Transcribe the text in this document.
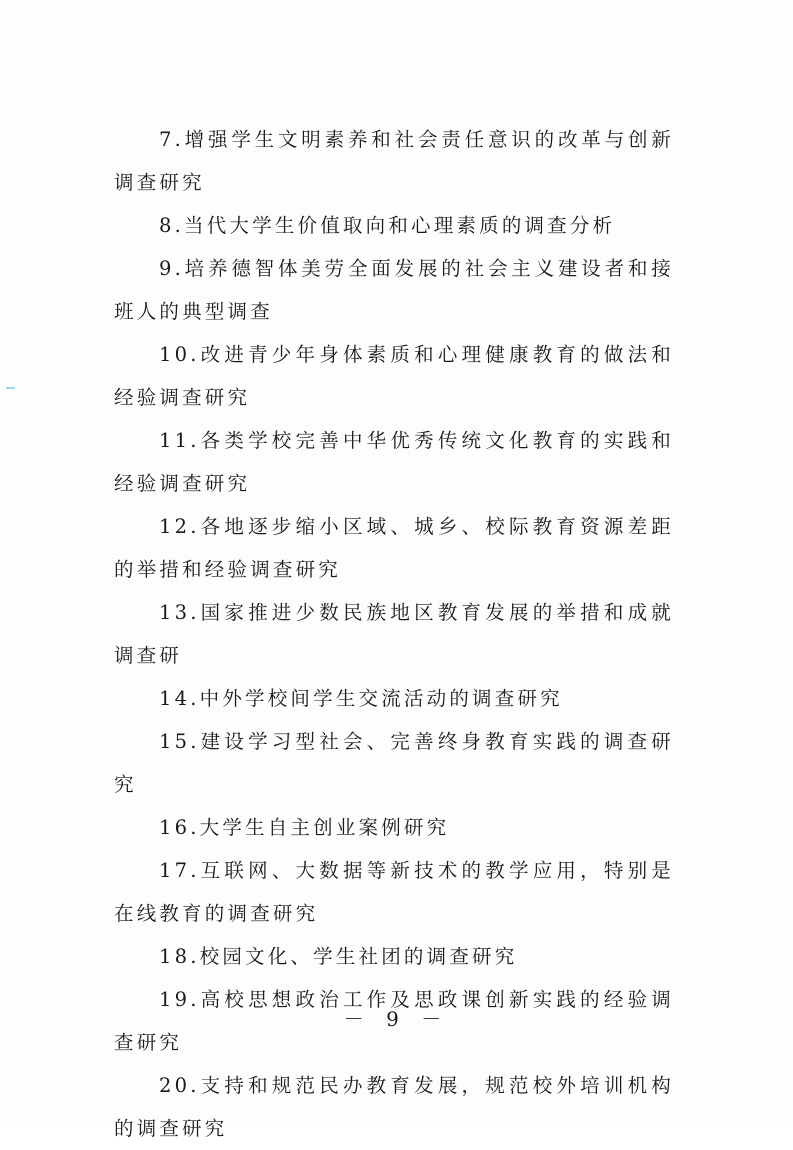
7.增强学生文明素养和社会责任意识的改革与创新调查研究

8.当代大学生价值取向和心理素质的调查分析

9.培养德智体美劳全面发展的社会主义建设者和接班人的典型调查

10.改进青少年身体素质和心理健康教育的做法和经验调查研究

11.各类学校完善中华优秀传统文化教育的实践和经验调查研究

12.各地逐步缩小区域、城乡、校际教育资源差距的举措和经验调查研究

13.国家推进少数民族地区教育发展的举措和成就调查研

14.中外学校间学生交流活动的调查研究

15.建设学习型社会、完善终身教育实践的调查研究

16.大学生自主创业案例研究

17.互联网、大数据等新技术的教学应用，特别是在线教育的调查研究

18.校园文化、学生社团的调查研究

19.高校思想政治工作及思政课创新实践的经验调查研究

20.支持和规范民办教育发展，规范校外培训机构的调查研究

－ 9 －
